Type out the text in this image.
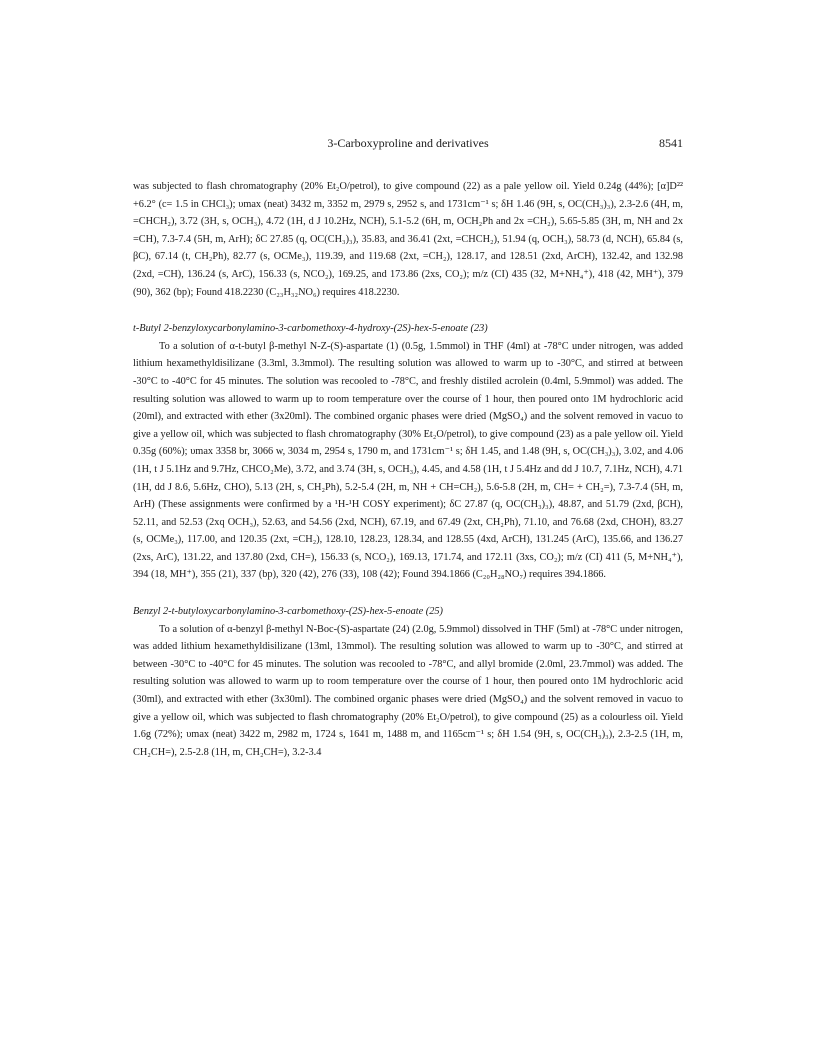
3-Carboxyproline and derivatives	8541

was subjected to flash chromatography (20% Et₂O/petrol), to give compound (22) as a pale yellow oil. Yield 0.24g (44%); [α]D²² +6.2° (c= 1.5 in CHCl₃); υmax (neat) 3432 m, 3352 m, 2979 s, 2952 s, and 1731cm⁻¹ s; δH 1.46 (9H, s, OC(CH₃)₃), 2.3-2.6 (4H, m, =CHCH₂), 3.72 (3H, s, OCH₃), 4.72 (1H, d J 10.2Hz, NCH), 5.1-5.2 (6H, m, OCH₂Ph and 2x =CH₂), 5.65-5.85 (3H, m, NH and 2x =CH), 7.3-7.4 (5H, m, ArH); δC 27.85 (q, OC(CH₃)₃), 35.83, and 36.41 (2xt, =CHCH₂), 51.94 (q, OCH₃), 58.73 (d, NCH), 65.84 (s, βC), 67.14 (t, CH₂Ph), 82.77 (s, OCMe₃), 119.39, and 119.68 (2xt, =CH₂), 128.17, and 128.51 (2xd, ArCH), 132.42, and 132.98 (2xd, =CH), 136.24 (s, ArC), 156.33 (s, NCO₂), 169.25, and 173.86 (2xs, CO₂); m/z (CI) 435 (32, M+NH₄⁺), 418 (42, MH⁺), 379 (90), 362 (bp); Found 418.2230 (C₂₃H₃₂NO₆) requires 418.2230.

t-Butyl 2-benzyloxycarbonylamino-3-carbomethoxy-4-hydroxy-(2S)-hex-5-enoate (23)

To a solution of α-t-butyl β-methyl N-Z-(S)-aspartate (1) (0.5g, 1.5mmol) in THF (4ml) at -78°C under nitrogen, was added lithium hexamethyldisilizane (3.3ml, 3.3mmol). The resulting solution was allowed to warm up to -30°C, and stirred at between -30°C to -40°C for 45 minutes. The solution was recooled to -78°C, and freshly distiled acrolein (0.4ml, 5.9mmol) was added. The resulting solution was allowed to warm up to room temperature over the course of 1 hour, then poured onto 1M hydrochloric acid (20ml), and extracted with ether (3x20ml). The combined organic phases were dried (MgSO₄) and the solvent removed in vacuo to give a yellow oil, which was subjected to flash chromatography (30% Et₂O/petrol), to give compound (23) as a pale yellow oil. Yield 0.35g (60%); υmax 3358 br, 3066 w, 3034 m, 2954 s, 1790 m, and 1731cm⁻¹ s; δH 1.45, and 1.48 (9H, s, OC(CH₃)₃), 3.02, and 4.06 (1H, t J 5.1Hz and 9.7Hz, CHCO₂Me), 3.72, and 3.74 (3H, s, OCH₃), 4.45, and 4.58 (1H, t J 5.4Hz and dd J 10.7, 7.1Hz, NCH), 4.71 (1H, dd J 8.6, 5.6Hz, CHO), 5.13 (2H, s, CH₂Ph), 5.2-5.4 (2H, m, NH + CH=CH₂), 5.6-5.8 (2H, m, CH= + CH₂=), 7.3-7.4 (5H, m, ArH) (These assignments were confirmed by a ¹H-¹H COSY experiment); δC 27.87 (q, OC(CH₃)₃), 48.87, and 51.79 (2xd, βCH), 52.11, and 52.53 (2xq OCH₃), 52.63, and 54.56 (2xd, NCH), 67.19, and 67.49 (2xt, CH₂Ph), 71.10, and 76.68 (2xd, CHOH), 83.27 (s, OCMe₃), 117.00, and 120.35 (2xt, =CH₂), 128.10, 128.23, 128.34, and 128.55 (4xd, ArCH), 131.245 (ArC), 135.66, and 136.27 (2xs, ArC), 131.22, and 137.80 (2xd, CH=), 156.33 (s, NCO₂), 169.13, 171.74, and 172.11 (3xs, CO₂); m/z (CI) 411 (5, M+NH₄⁺), 394 (18, MH⁺), 355 (21), 337 (bp), 320 (42), 276 (33), 108 (42); Found 394.1866 (C₂₀H₂₈NO₇) requires 394.1866.

Benzyl 2-t-butyloxycarbonylamino-3-carbomethoxy-(2S)-hex-5-enoate (25)

To a solution of α-benzyl β-methyl N-Boc-(S)-aspartate (24) (2.0g, 5.9mmol) dissolved in THF (5ml) at -78°C under nitrogen, was added lithium hexamethyldisilizane (13ml, 13mmol). The resulting solution was allowed to warm up to -30°C, and stirred at between -30°C to -40°C for 45 minutes. The solution was recooled to -78°C, and allyl bromide (2.0ml, 23.7mmol) was added. The resulting solution was allowed to warm up to room temperature over the course of 1 hour, then poured onto 1M hydrochloric acid (30ml), and extracted with ether (3x30ml). The combined organic phases were dried (MgSO₄) and the solvent removed in vacuo to give a yellow oil, which was subjected to flash chromatography (20% Et₂O/petrol), to give compound (25) as a colourless oil. Yield 1.6g (72%); υmax (neat) 3422 m, 2982 m, 1724 s, 1641 m, 1488 m, and 1165cm⁻¹ s; δH 1.54 (9H, s, OC(CH₃)₃), 2.3-2.5 (1H, m, CH₂CH=), 2.5-2.8 (1H, m, CH₂CH=), 3.2-3.4
